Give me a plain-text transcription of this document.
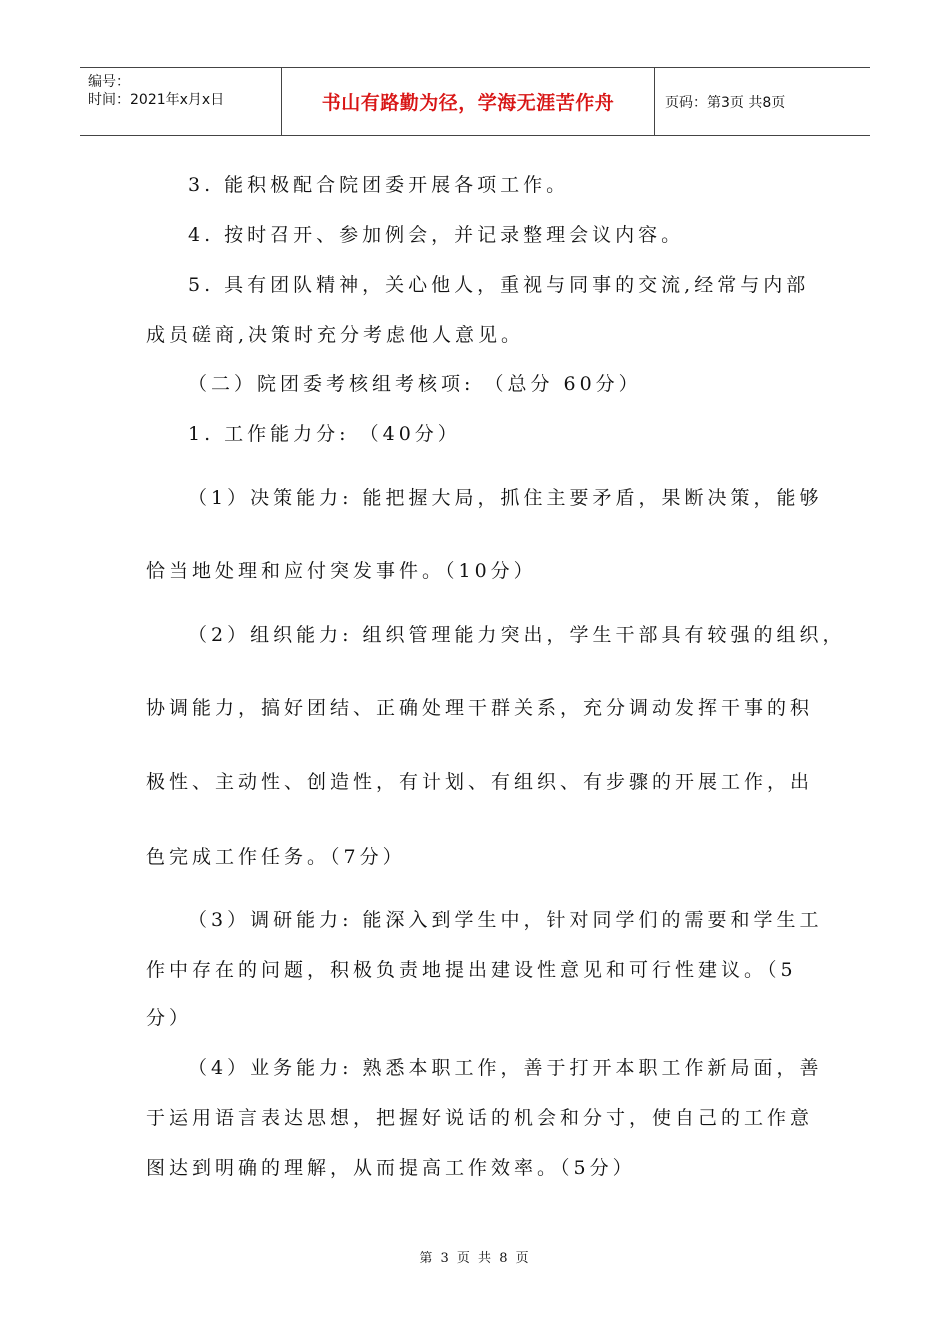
编号：
时间：2021年x月x日	书山有路勤为径，学海无涯苦作舟	页码：第3页 共8页
3. 能积极配合院团委开展各项工作。
4. 按时召开、参加例会，并记录整理会议内容。
5. 具有团队精神，关心他人，重视与同事的交流,经常与内部
成员磋商,决策时充分考虑他人意见。
（二）院团委考核组考核项: （总分 60分）
1. 工作能力分: （40分）
（1）决策能力: 能把握大局，抓住主要矛盾，果断决策，能够
恰当地处理和应付突发事件。（10分）
（2）组织能力: 组织管理能力突出，学生干部具有较强的组织，
协调能力，搞好团结、正确处理干群关系，充分调动发挥干事的积
极性、主动性、创造性，有计划、有组织、有步骤的开展工作，出
色完成工作任务。（7分）
（3）调研能力: 能深入到学生中，针对同学们的需要和学生工
作中存在的问题，积极负责地提出建设性意见和可行性建议。（5
分）
（4）业务能力: 熟悉本职工作，善于打开本职工作新局面，善
于运用语言表达思想，把握好说话的机会和分寸，使自己的工作意
图达到明确的理解，从而提高工作效率。（5分）
第 3 页 共 8 页
